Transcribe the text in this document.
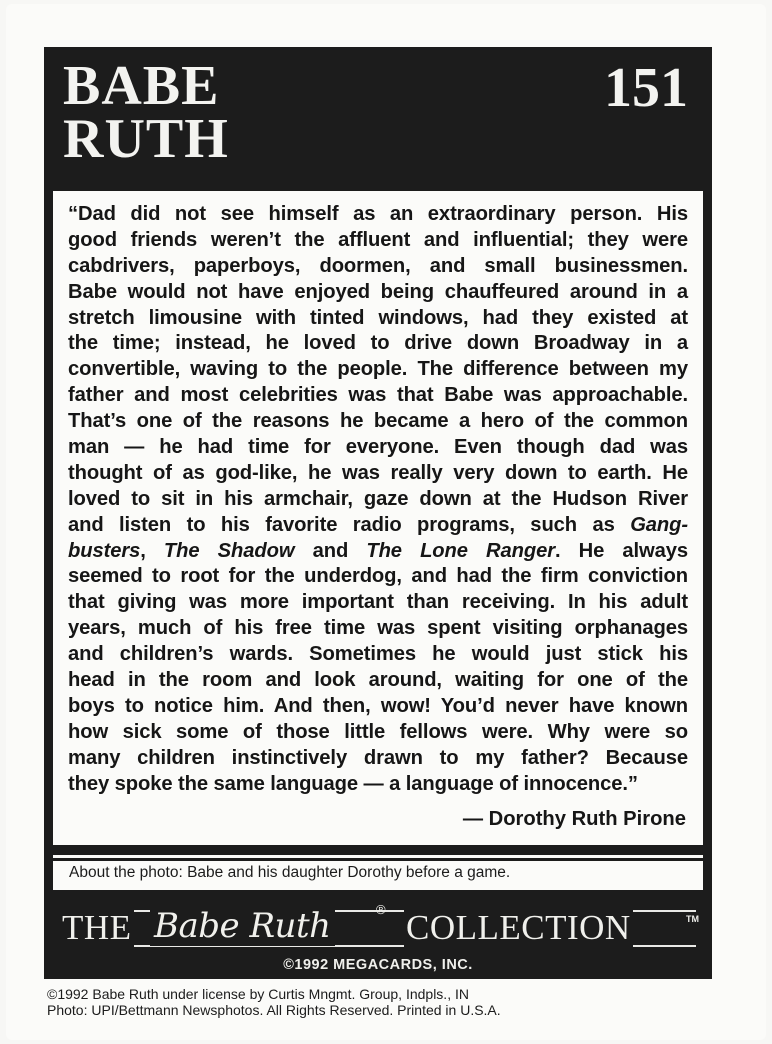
BABE
RUTH
151
“Dad did not see himself as an extraordinary person. His
good friends weren’t the affluent and influential; they were
cabdrivers, paperboys, doormen, and small businessmen.
Babe would not have enjoyed being chauffeured around in a
stretch limousine with tinted windows, had they existed at
the time; instead, he loved to drive down Broadway in a
convertible, waving to the people. The difference between my
father and most celebrities was that Babe was approachable.
That’s one of the reasons he became a hero of the common
man — he had time for everyone. Even though dad was
thought of as god-like, he was really very down to earth. He
loved to sit in his armchair, gaze down at the Hudson River
and listen to his favorite radio programs, such as Gang-
busters, The Shadow and The Lone Ranger. He always
seemed to root for the underdog, and had the firm conviction
that giving was more important than receiving. In his adult
years, much of his free time was spent visiting orphanages
and children’s wards. Sometimes he would just stick his
head in the room and look around, waiting for one of the
boys to notice him. And then, wow! You’d never have known
how sick some of those little fellows were. Why were so
many children instinctively drawn to my father? Because
they spoke the same language — a language of innocence.”
— Dorothy Ruth Pirone
About the photo: Babe and his daughter Dorothy before a game.
THE Babe Ruth	® COLLECTION	TM
©1992 MEGACARDS, INC.
©1992 Babe Ruth under license by Curtis Mngmt. Group, Indpls., IN
Photo: UPI/Bettmann Newsphotos. All Rights Reserved. Printed in U.S.A.
